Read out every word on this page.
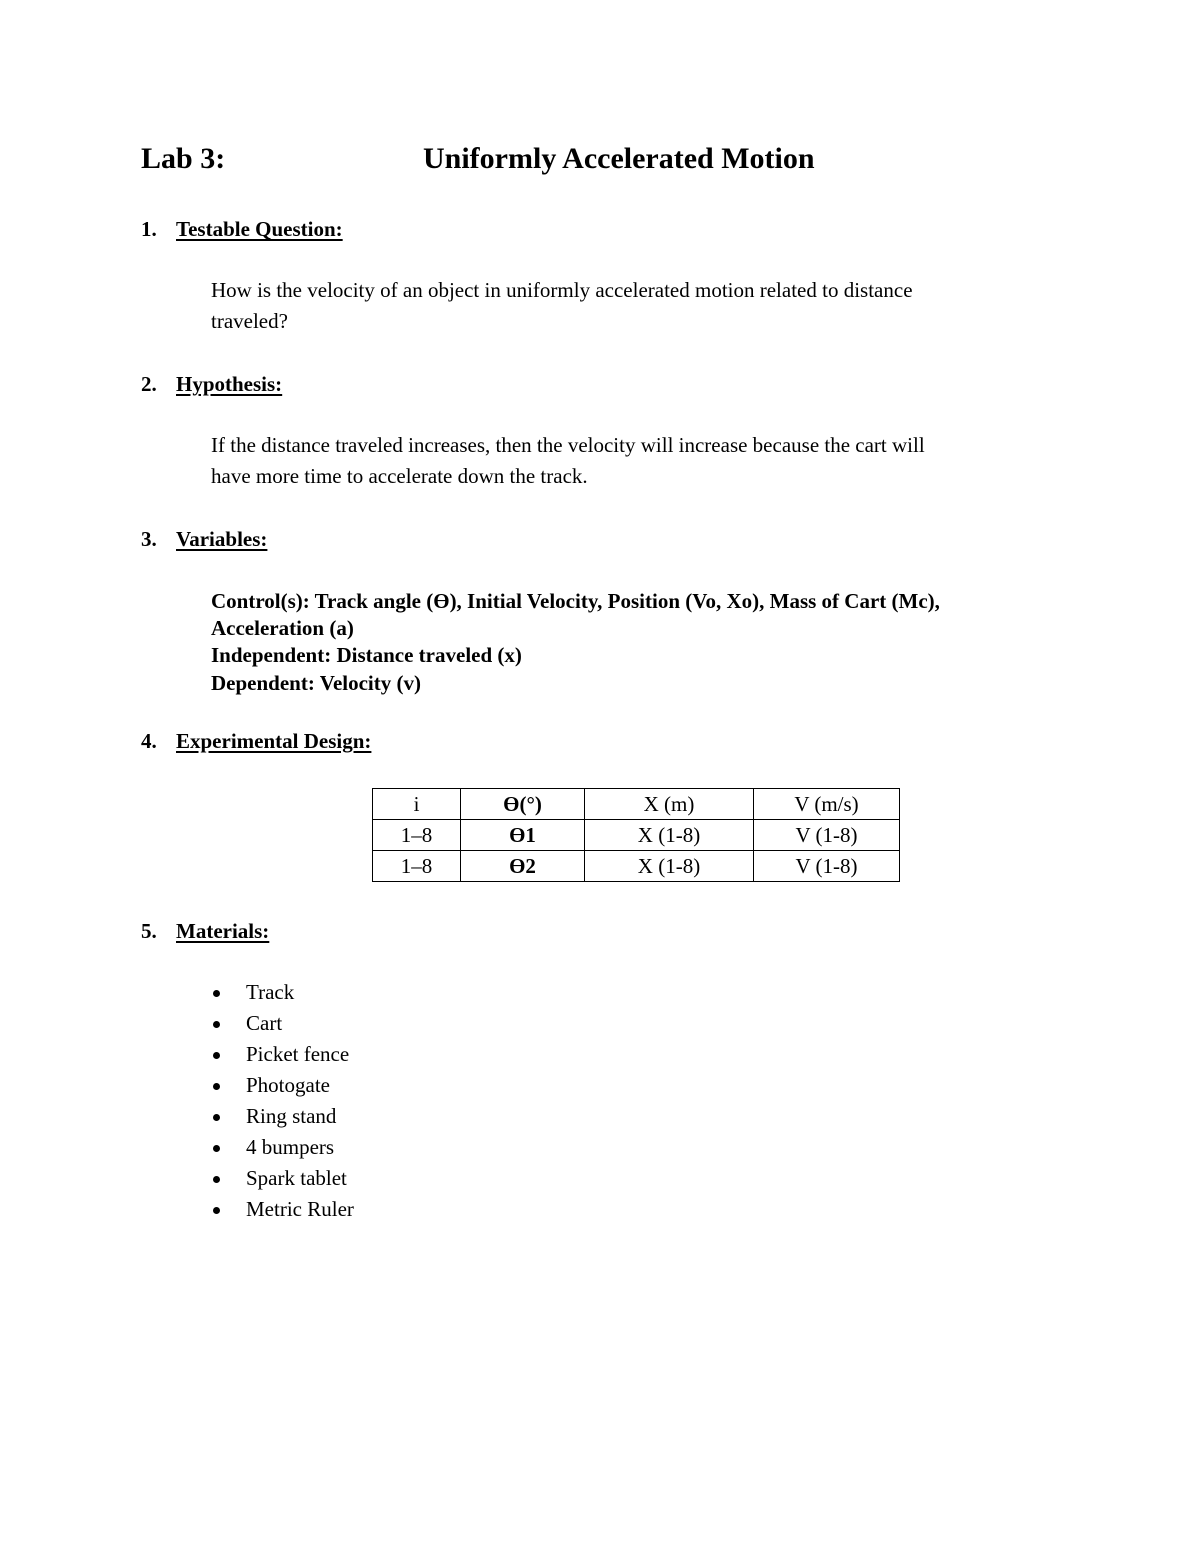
Lab 3:	Uniformly Accelerated Motion
1. Testable Question:
How is the velocity of an object in uniformly accelerated motion related to distance
traveled?
2. Hypothesis:
If the distance traveled increases, then the velocity will increase because the cart will
have more time to accelerate down the track.
3. Variables:
Control(s): Track angle (ϴ), Initial Velocity, Position (Vo, Xo), Mass of Cart (Mc),
Acceleration (a)
Independent: Distance traveled (x)
Dependent: Velocity (v)
4. Experimental Design:
i	ϴ(°)	X (m)	V (m/s)
1–8	ϴ1	X (1-8)	V (1-8)
1–8	ϴ2	X (1-8)	V (1-8)
5. Materials:
Track
Cart
Picket fence
Photogate
Ring stand
4 bumpers
Spark tablet
Metric Ruler
